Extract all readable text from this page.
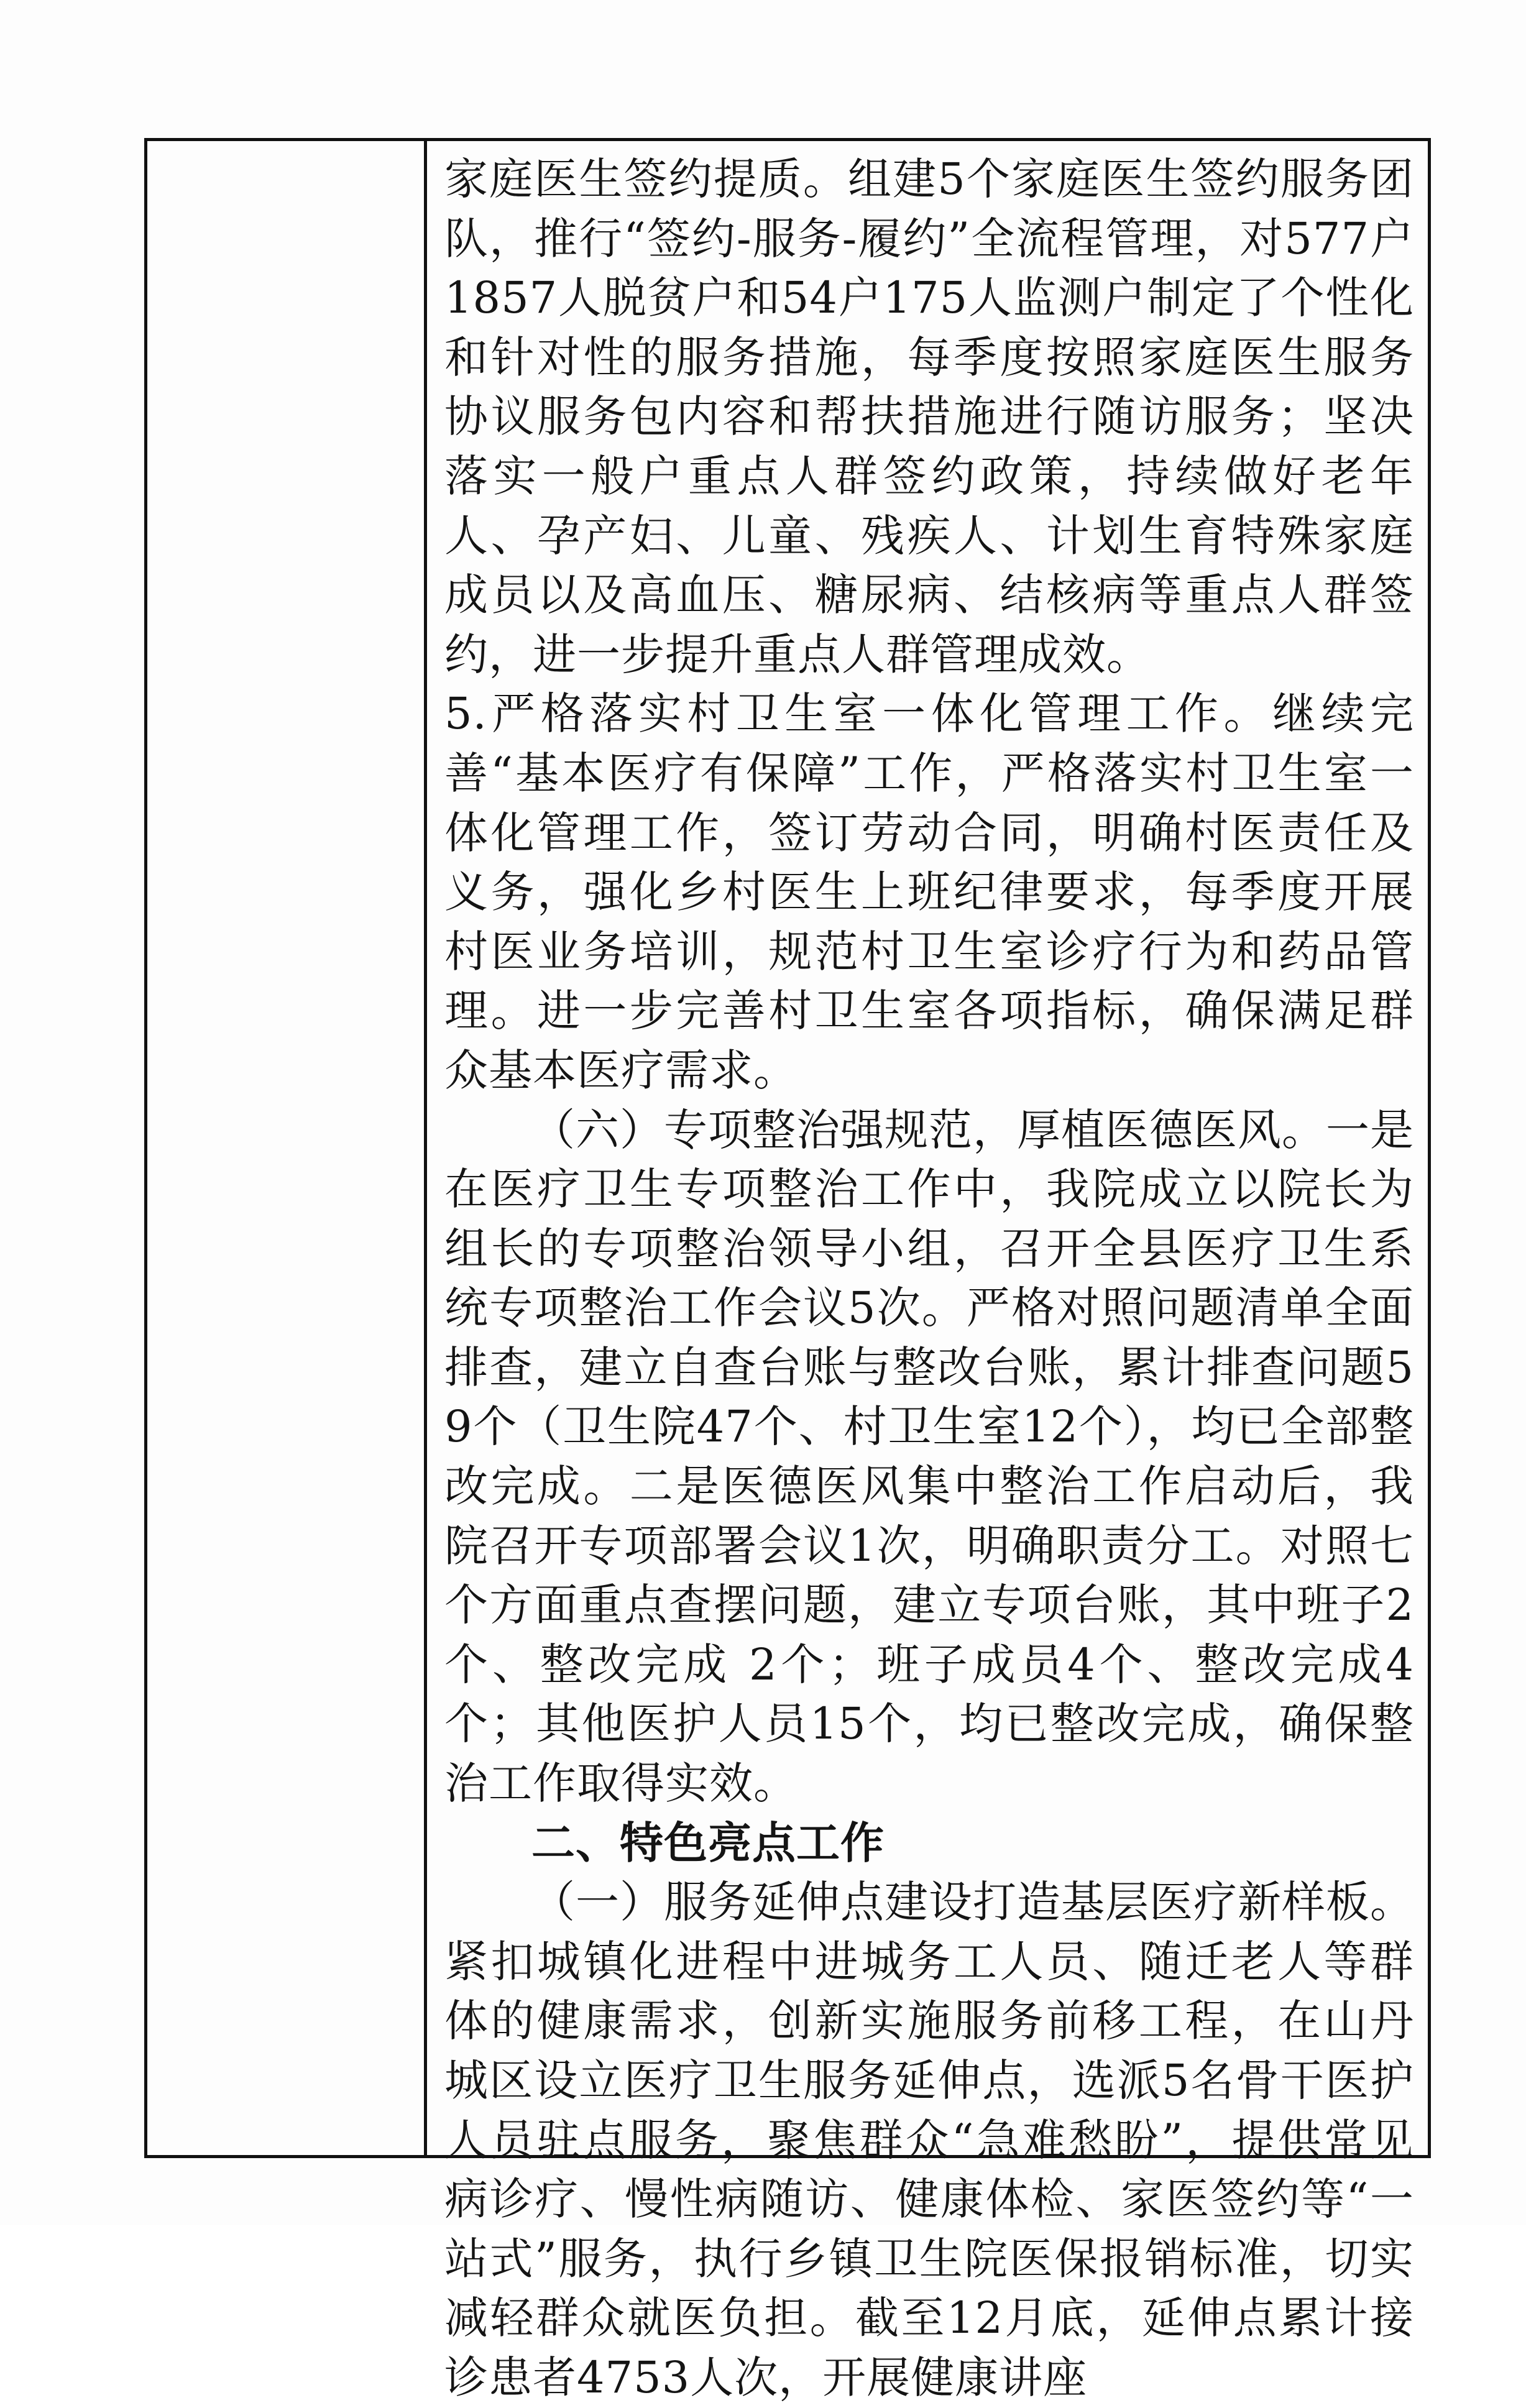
家庭医生签约提质。组建5个家庭医生签约服务团队，推行“签约-服务-履约”全流程管理，对577户1857人脱贫户和54户175人监测户制定了个性化和针对性的服务措施，每季度按照家庭医生服务协议服务包内容和帮扶措施进行随访服务；坚决落实一般户重点人群签约政策，持续做好老年人、孕产妇、儿童、残疾人、计划生育特殊家庭成员以及高血压、糖尿病、结核病等重点人群签约，进一步提升重点人群管理成效。

5.严格落实村卫生室一体化管理工作。继续完善“基本医疗有保障”工作，严格落实村卫生室一体化管理工作，签订劳动合同，明确村医责任及义务，强化乡村医生上班纪律要求，每季度开展村医业务培训，规范村卫生室诊疗行为和药品管理。进一步完善村卫生室各项指标，确保满足群众基本医疗需求。

（六）专项整治强规范，厚植医德医风。一是在医疗卫生专项整治工作中，我院成立以院长为组长的专项整治领导小组，召开全县医疗卫生系统专项整治工作会议5次。严格对照问题清单全面排查，建立自查台账与整改台账，累计排查问题59个（卫生院47个、村卫生室12个），均已全部整改完成。二是医德医风集中整治工作启动后，我院召开专项部署会议1次，明确职责分工。对照七个方面重点查摆问题，建立专项台账，其中班子2个、整改完成 2个；班子成员4个、整改完成4个；其他医护人员15个，均已整改完成，确保整治工作取得实效。

二、特色亮点工作

（一）服务延伸点建设打造基层医疗新样板。紧扣城镇化进程中进城务工人员、随迁老人等群体的健康需求，创新实施服务前移工程，在山丹城区设立医疗卫生服务延伸点，选派5名骨干医护人员驻点服务，聚焦群众“急难愁盼”，提供常见病诊疗、慢性病随访、健康体检、家医签约等“一站式”服务，执行乡镇卫生院医保报销标准，切实减轻群众就医负担。截至12月底，延伸点累计接诊患者4753人次，开展健康讲座
